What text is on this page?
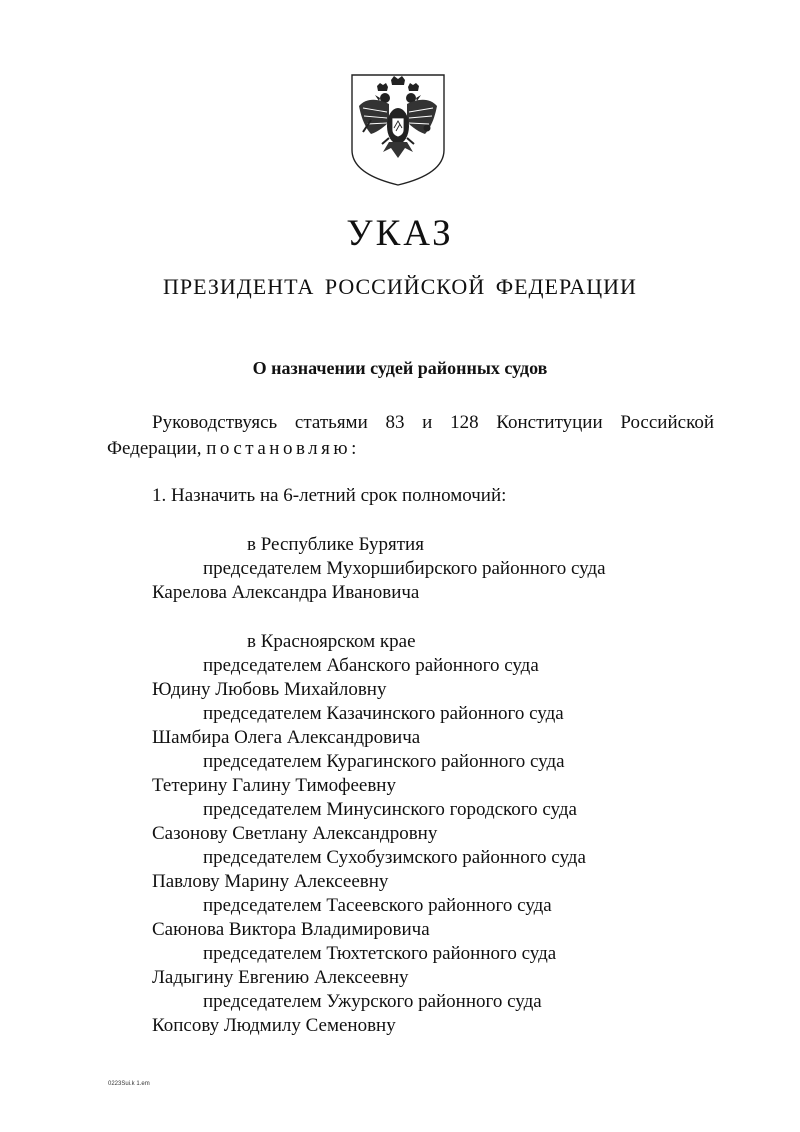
УКАЗ
ПРЕЗИДЕНТА РОССИЙСКОЙ ФЕДЕРАЦИИ
О назначении судей районных судов
Руководствуясь статьями 83 и 128 Конституции Российской
Федерации, постановляю:
1. Назначить на 6-летний срок полномочий:
в Республике Бурятия
председателем Мухоршибирского районного суда
Карелова Александра Ивановича
в Красноярском крае
председателем Абанского районного суда
Юдину Любовь Михайловну
председателем Казачинского районного суда
Шамбира Олега Александровича
председателем Курагинского районного суда
Тетерину Галину Тимофеевну
председателем Минусинского городского суда
Сазонову Светлану Александровну
председателем Сухобузимского районного суда
Павлову Марину Алексеевну
председателем Тасеевского районного суда
Саюнова Виктора Владимировича
председателем Тюхтетского районного суда
Ладыгину Евгению Алексеевну
председателем Ужурского районного суда
Копсову Людмилу Семеновну
0223Sui.k 1.em
